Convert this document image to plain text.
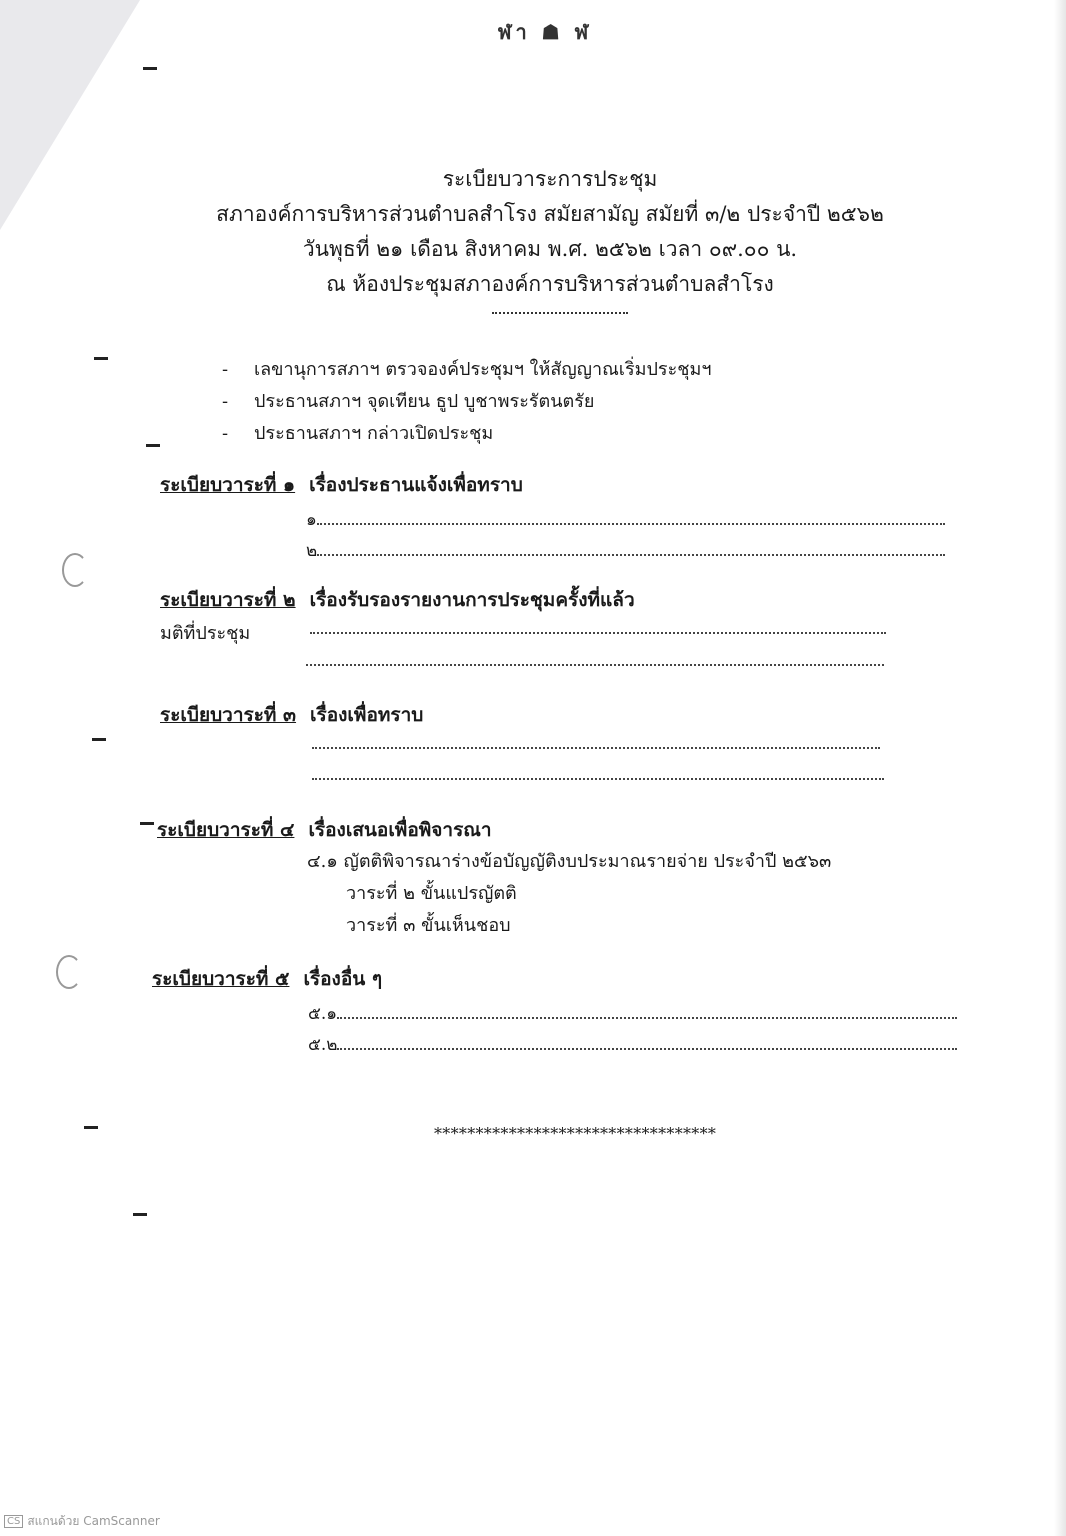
ฬา ☗ ฬ
ระเบียบวาระการประชุม
สภาองค์การบริหารส่วนตำบลสำโรง สมัยสามัญ สมัยที่ ๓/๒ ประจำปี ๒๕๖๒
วันพุธที่ ๒๑ เดือน สิงหาคม พ.ศ. ๒๕๖๒ เวลา ๐๙.๐๐ น.
ณ ห้องประชุมสภาองค์การบริหารส่วนตำบลสำโรง
-	เลขานุการสภาฯ ตรวจองค์ประชุมฯ ให้สัญญาณเริ่มประชุมฯ
-	ประธานสภาฯ จุดเทียน ธูป บูชาพระรัตนตรัย
-	ประธานสภาฯ กล่าวเปิดประชุม
ระเบียบวาระที่ ๑ เรื่องประธานแจ้งเพื่อทราบ
๑
๒
ระเบียบวาระที่ ๒ เรื่องรับรองรายงานการประชุมครั้งที่แล้ว
มติที่ประชุม
ระเบียบวาระที่ ๓ เรื่องเพื่อทราบ
ระเบียบวาระที่ ๔ เรื่องเสนอเพื่อพิจารณา
๔.๑ ญัตติพิจารณาร่างข้อบัญญัติงบประมาณรายจ่าย ประจำปี ๒๕๖๓
วาระที่ ๒ ขั้นแปรญัตติ
วาระที่ ๓ ขั้นเห็นชอบ
ระเบียบวาระที่ ๕ เรื่องอื่น ๆ
๕.๑
๕.๒
**********************************
CS สแกนด้วย CamScanner
